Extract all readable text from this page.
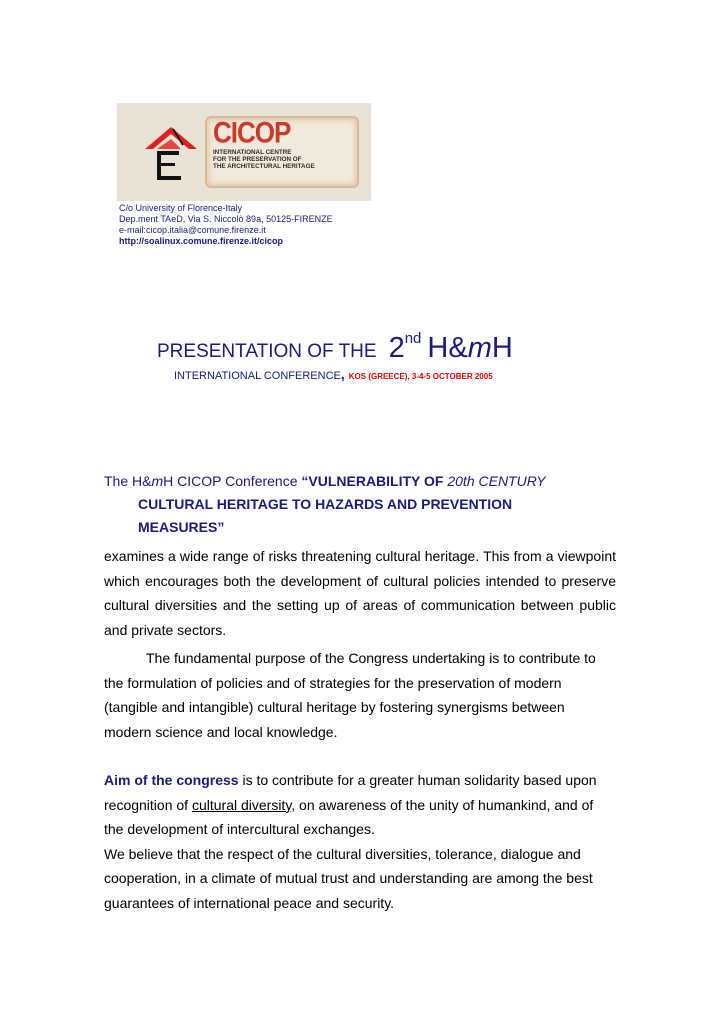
CICOP
INTERNATIONAL CENTRE
FOR THE PRESERVATION OF
THE ARCHITECTURAL HERITAGE
C/o University of Florence-Italy
Dep.ment TAeD, Via S. Niccolò 89a, 50125-FIRENZE
e-mail:cicop.italia@comune.firenze.it
http://soalinux.comune.firenze.it/cicop
PRESENTATION OF THE 2nd H&mH
INTERNATIONAL CONFERENCE, KOS (GREECE), 3-4-5 OCTOBER 2005
The H&mH CICOP Conference “VULNERABILITY OF 20th CENTURY
CULTURAL HERITAGE TO HAZARDS AND PREVENTION
MEASURES”
examines a wide range of risks threatening cultural heritage. This from a viewpoint which encourages both the development of cultural policies intended to preserve cultural diversities and the setting up of areas of communication between public and private sectors.
The fundamental purpose of the Congress undertaking is to contribute to
the formulation of policies and of strategies for the preservation of modern
(tangible and intangible) cultural heritage by fostering synergisms between
modern science and local knowledge.
Aim of the congress is to contribute for a greater human solidarity based upon
recognition of cultural diversity, on awareness of the unity of humankind, and of
the development of intercultural exchanges.
We believe that the respect of the cultural diversities, tolerance, dialogue and
cooperation, in a climate of mutual trust and understanding are among the best
guarantees of international peace and security.
